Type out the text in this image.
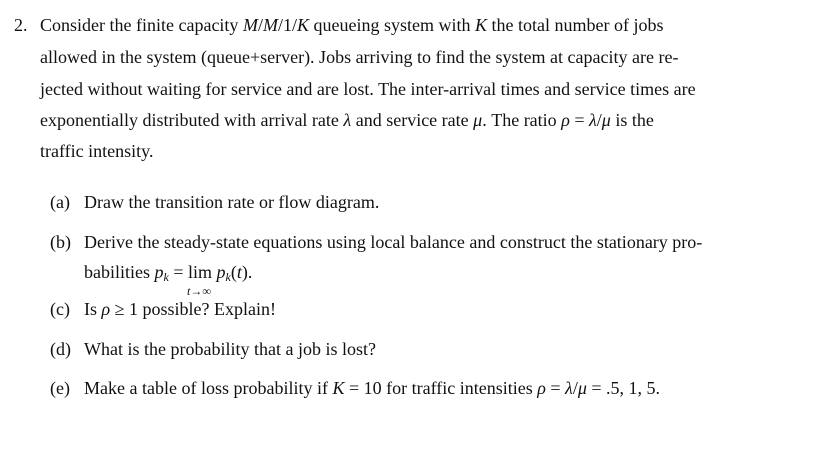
2. Consider the finite capacity M/M/1/K queueing system with K the total number of jobs
allowed in the system (queue+server). Jobs arriving to find the system at capacity are re-
jected without waiting for service and are lost. The inter-arrival times and service times are
exponentially distributed with arrival rate λ and service rate μ. The ratio ρ = λ/μ is the
traffic intensity.
(a) Draw the transition rate or flow diagram.
(b) Derive the steady-state equations using local balance and construct the stationary pro-
babilities $p_k = \lim$
t→∞
$p_k(t)$.
(c) Is ρ ≥ 1 possible? Explain!
(d) What is the probability that a job is lost?
(e) Make a table of loss probability if K = 10 for traffic intensities ρ = λ/μ = .5, 1, 5.
